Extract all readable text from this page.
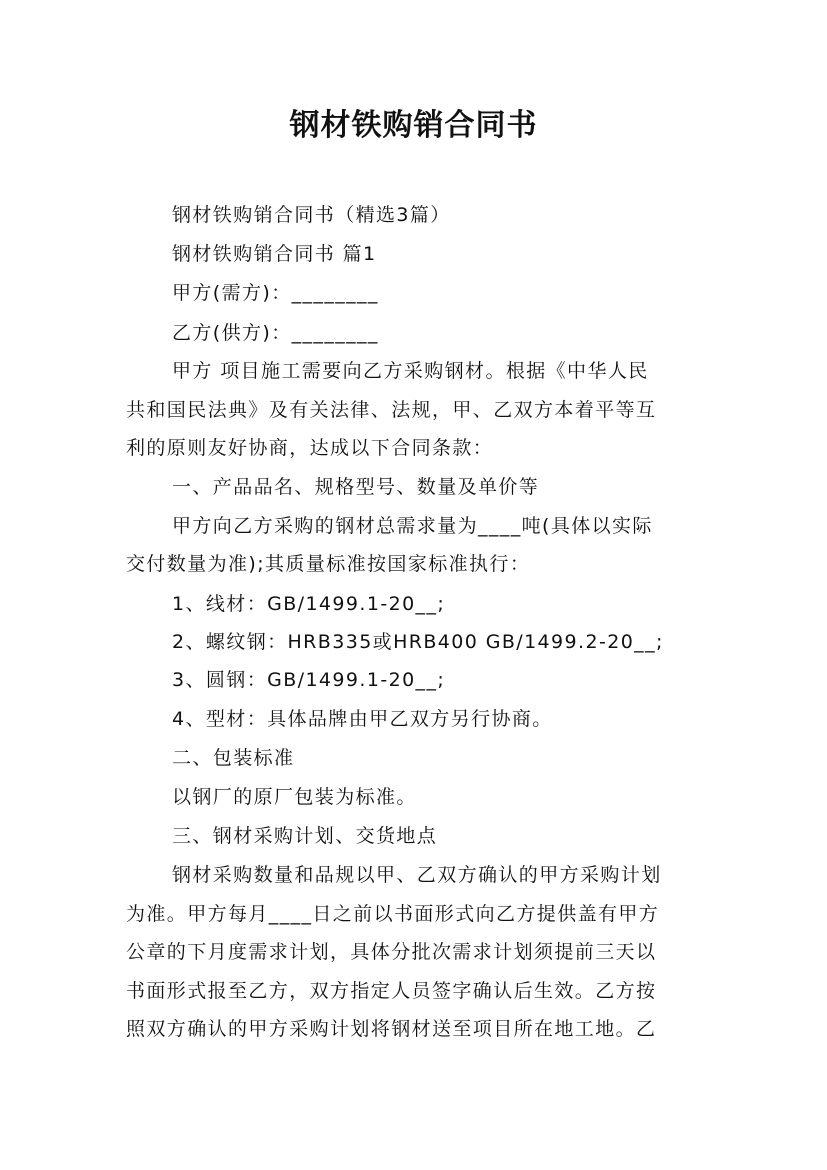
钢材铁购销合同书
钢材铁购销合同书（精选3篇）
钢材铁购销合同书 篇1
甲方(需方)：________
乙方(供方)：________
甲方 项目施工需要向乙方采购钢材。根据《中华人民
共和国民法典》及有关法律、法规，甲、乙双方本着平等互
利的原则友好协商，达成以下合同条款：
一、产品品名、规格型号、数量及单价等
甲方向乙方采购的钢材总需求量为____吨(具体以实际
交付数量为准);其质量标准按国家标准执行：
1、线材：GB/1499.1-20__;
2、螺纹钢：HRB335或HRB400 GB/1499.2-20__;
3、圆钢：GB/1499.1-20__;
4、型材：具体品牌由甲乙双方另行协商。
二、包装标准
以钢厂的原厂包装为标准。
三、钢材采购计划、交货地点
钢材采购数量和品规以甲、乙双方确认的甲方采购计划
为准。甲方每月____日之前以书面形式向乙方提供盖有甲方
公章的下月度需求计划，具体分批次需求计划须提前三天以
书面形式报至乙方，双方指定人员签字确认后生效。乙方按
照双方确认的甲方采购计划将钢材送至项目所在地工地。乙
